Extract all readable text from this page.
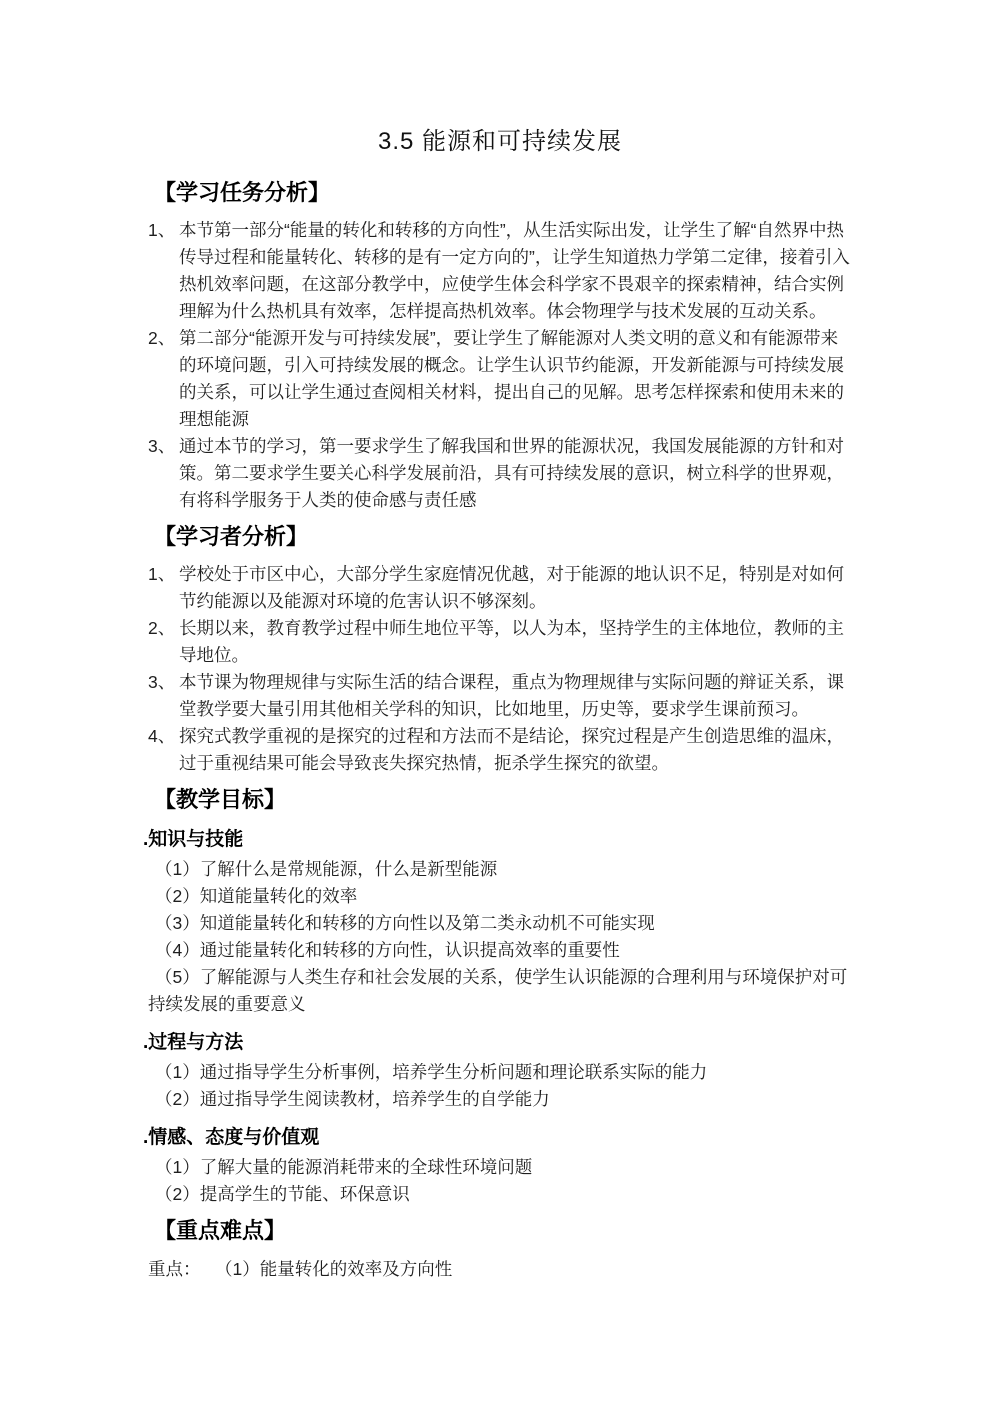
3.5 能源和可持续发展
【学习任务分析】
1、 本节第一部分“能量的转化和转移的方向性”，从生活实际出发，让学生了解“自然界中热传导过程和能量转化、转移的是有一定方向的”，让学生知道热力学第二定律，接着引入热机效率问题，在这部分教学中，应使学生体会科学家不畏艰辛的探索精神，结合实例理解为什么热机具有效率，怎样提高热机效率。体会物理学与技术发展的互动关系。
2、 第二部分“能源开发与可持续发展”，要让学生了解能源对人类文明的意义和有能源带来的环境问题，引入可持续发展的概念。让学生认识节约能源，开发新能源与可持续发展的关系，可以让学生通过查阅相关材料，提出自己的见解。思考怎样探索和使用未来的理想能源
3、 通过本节的学习，第一要求学生了解我国和世界的能源状况，我国发展能源的方针和对策。第二要求学生要关心科学发展前沿，具有可持续发展的意识，树立科学的世界观，有将科学服务于人类的使命感与责任感
【学习者分析】
1、 学校处于市区中心，大部分学生家庭情况优越，对于能源的地认识不足，特别是对如何节约能源以及能源对环境的危害认识不够深刻。
2、 长期以来，教育教学过程中师生地位平等，以人为本，坚持学生的主体地位，教师的主导地位。
3、 本节课为物理规律与实际生活的结合课程，重点为物理规律与实际问题的辩证关系，课堂教学要大量引用其他相关学科的知识，比如地里，历史等，要求学生课前预习。
4、 探究式教学重视的是探究的过程和方法而不是结论，探究过程是产生创造思维的温床，过于重视结果可能会导致丧失探究热情，扼杀学生探究的欲望。
【教学目标】
.知识与技能

（1）了解什么是常规能源，什么是新型能源

（2）知道能量转化的效率

（3）知道能量转化和转移的方向性以及第二类永动机不可能实现

（4）通过能量转化和转移的方向性，认识提高效率的重要性

（5）了解能源与人类生存和社会发展的关系，使学生认识能源的合理利用与环境保护对可持续发展的重要意义

.过程与方法

（1）通过指导学生分析事例，培养学生分析问题和理论联系实际的能力

（2）通过指导学生阅读教材，培养学生的自学能力

.情感、态度与价值观

（1）了解大量的能源消耗带来的全球性环境问题

（2）提高学生的节能、环保意识

【重点难点】
重点： （1）能量转化的效率及方向性
